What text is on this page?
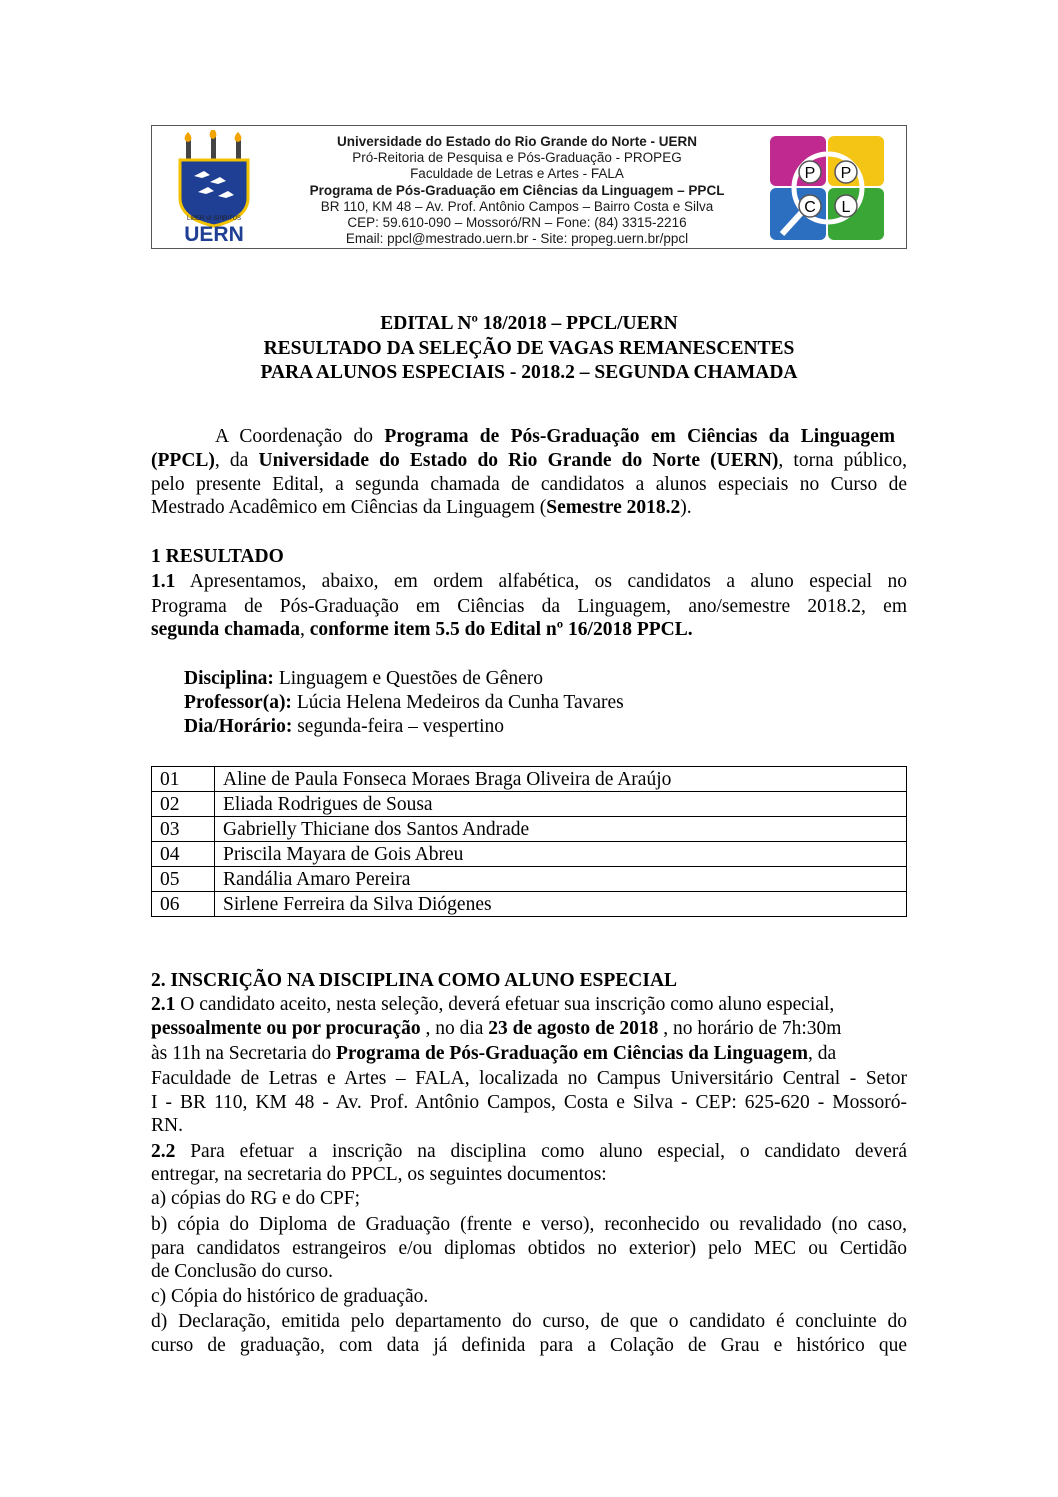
LIBER VI SPIRITUS
UERN
Universidade do Estado do Rio Grande do Norte - UERN
Pró-Reitoria de Pesquisa e Pós-Graduação - PROPEG
Faculdade de Letras e Artes - FALA
Programa de Pós-Graduação em Ciências da Linguagem – PPCL
BR 110, KM 48 – Av. Prof. Antônio Campos – Bairro Costa e Silva
CEP: 59.610-090 – Mossoró/RN – Fone: (84) 3315-2216
Email: ppcl@mestrado.uern.br - Site: propeg.uern.br/ppcl
P P
C L
EDITAL Nº 18/2018 – PPCL/UERN
RESULTADO DA SELEÇÃO DE VAGAS REMANESCENTES
PARA ALUNOS ESPECIAIS - 2018.2 – SEGUNDA CHAMADA
A Coordenação do Programa de Pós-Graduação em Ciências da Linguagem
(PPCL), da Universidade do Estado do Rio Grande do Norte (UERN), torna público,
pelo presente Edital, a segunda chamada de candidatos a alunos especiais no Curso de
Mestrado Acadêmico em Ciências da Linguagem (Semestre 2018.2).
1 RESULTADO
1.1 Apresentamos, abaixo, em ordem alfabética, os candidatos a aluno especial no
Programa de Pós-Graduação em Ciências da Linguagem, ano/semestre 2018.2, em
segunda chamada, conforme item 5.5 do Edital nº 16/2018 PPCL.
Disciplina: Linguagem e Questões de Gênero
Professor(a): Lúcia Helena Medeiros da Cunha Tavares
Dia/Horário: segunda-feira – vespertino
01	Aline de Paula Fonseca Moraes Braga Oliveira de Araújo
02	Eliada Rodrigues de Sousa
03	Gabrielly Thiciane dos Santos Andrade
04	Priscila Mayara de Gois Abreu
05	Randália Amaro Pereira
06	Sirlene Ferreira da Silva Diógenes
2. INSCRIÇÃO NA DISCIPLINA COMO ALUNO ESPECIAL
2.1 O candidato aceito, nesta seleção, deverá efetuar sua inscrição como aluno especial,
pessoalmente ou por procuração , no dia 23 de agosto de 2018 , no horário de 7h:30m
às 11h na Secretaria do Programa de Pós-Graduação em Ciências da Linguagem, da
Faculdade de Letras e Artes – FALA, localizada no Campus Universitário Central - Setor
I - BR 110, KM 48 - Av. Prof. Antônio Campos, Costa e Silva - CEP: 625-620 - Mossoró-
RN.
2.2 Para efetuar a inscrição na disciplina como aluno especial, o candidato deverá
entregar, na secretaria do PPCL, os seguintes documentos:
a) cópias do RG e do CPF;
b) cópia do Diploma de Graduação (frente e verso), reconhecido ou revalidado (no caso,
para candidatos estrangeiros e/ou diplomas obtidos no exterior) pelo MEC ou Certidão
de Conclusão do curso.
c) Cópia do histórico de graduação.
d) Declaração, emitida pelo departamento do curso, de que o candidato é concluinte do
curso de graduação, com data já definida para a Colação de Grau e histórico que
